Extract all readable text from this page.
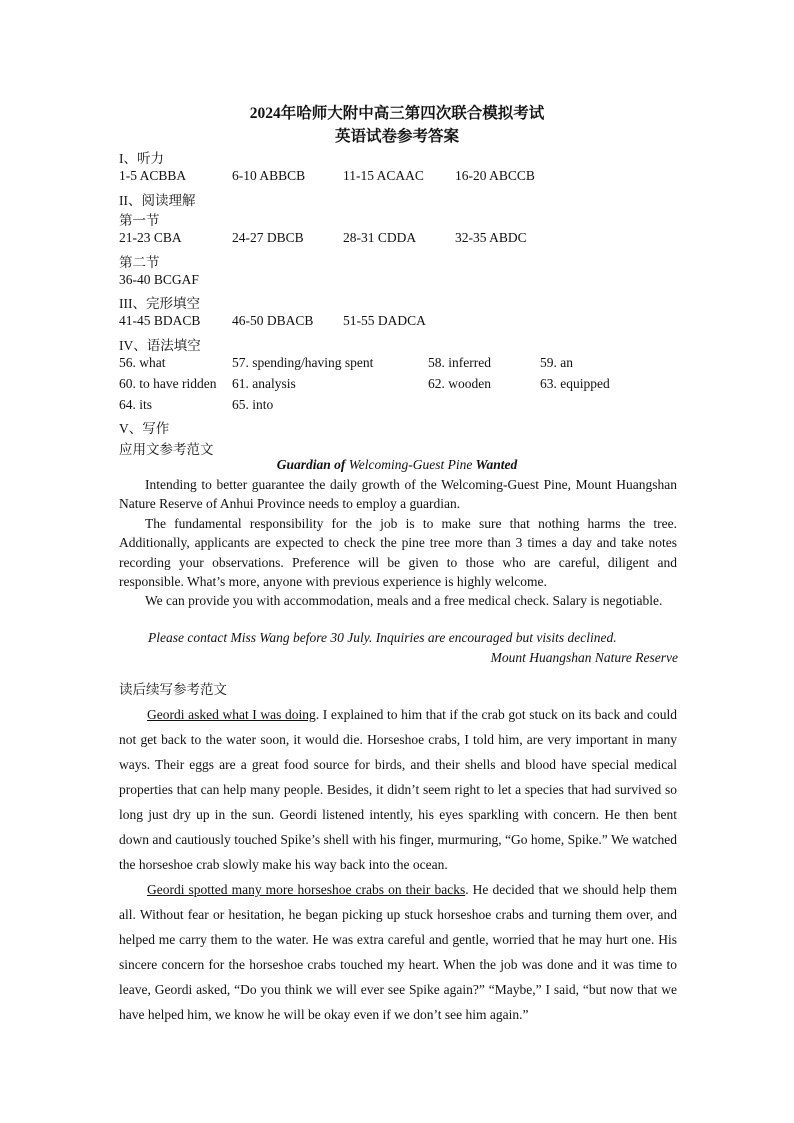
2024年哈师大附中高三第四次联合模拟考试
英语试卷参考答案
I、听力
1-5 ACBBA	6-10 ABBCB	11-15 ACAAC 16-20 ABCCB
II、阅读理解
第一节
21-23 CBA	24-27 DBCB	28-31 CDDA	32-35 ABDC
第二节
36-40 BCGAF
III、完形填空
41-45 BDACB 46-50 DBACB 51-55 DADCA
IV、语法填空
56. what	57. spending/having spent	58. inferred	59. an
60. to have ridden 61. analysis	62. wooden	63. equipped
64. its	65. into
V、写作
应用文参考范文
Guardian of Welcoming-Guest Pine Wanted

Intending to better guarantee the daily growth of the Welcoming-Guest Pine, Mount Huangshan Nature Reserve of Anhui Province needs to employ a guardian.

The fundamental responsibility for the job is to make sure that nothing harms the tree. Additionally, applicants are expected to check the pine tree more than 3 times a day and take notes recording your observations. Preference will be given to those who are careful, diligent and responsible. What’s more, anyone with previous experience is highly welcome.

We can provide you with accommodation, meals and a free medical check. Salary is negotiable.

Please contact Miss Wang before 30 July. Inquiries are encouraged but visits declined.
Mount Huangshan Nature Reserve
读后续写参考范文

Geordi asked what I was doing. I explained to him that if the crab got stuck on its back and could not get back to the water soon, it would die. Horseshoe crabs, I told him, are very important in many ways. Their eggs are a great food source for birds, and their shells and blood have special medical properties that can help many people. Besides, it didn’t seem right to let a species that had survived so long just dry up in the sun. Geordi listened intently, his eyes sparkling with concern. He then bent down and cautiously touched Spike’s shell with his finger, murmuring, “Go home, Spike.” We watched the horseshoe crab slowly make his way back into the ocean.

Geordi spotted many more horseshoe crabs on their backs. He decided that we should help them all. Without fear or hesitation, he began picking up stuck horseshoe crabs and turning them over, and helped me carry them to the water. He was extra careful and gentle, worried that he may hurt one. His sincere concern for the horseshoe crabs touched my heart. When the job was done and it was time to leave, Geordi asked, “Do you think we will ever see Spike again?” “Maybe,” I said, “but now that we have helped him, we know he will be okay even if we don’t see him again.”
